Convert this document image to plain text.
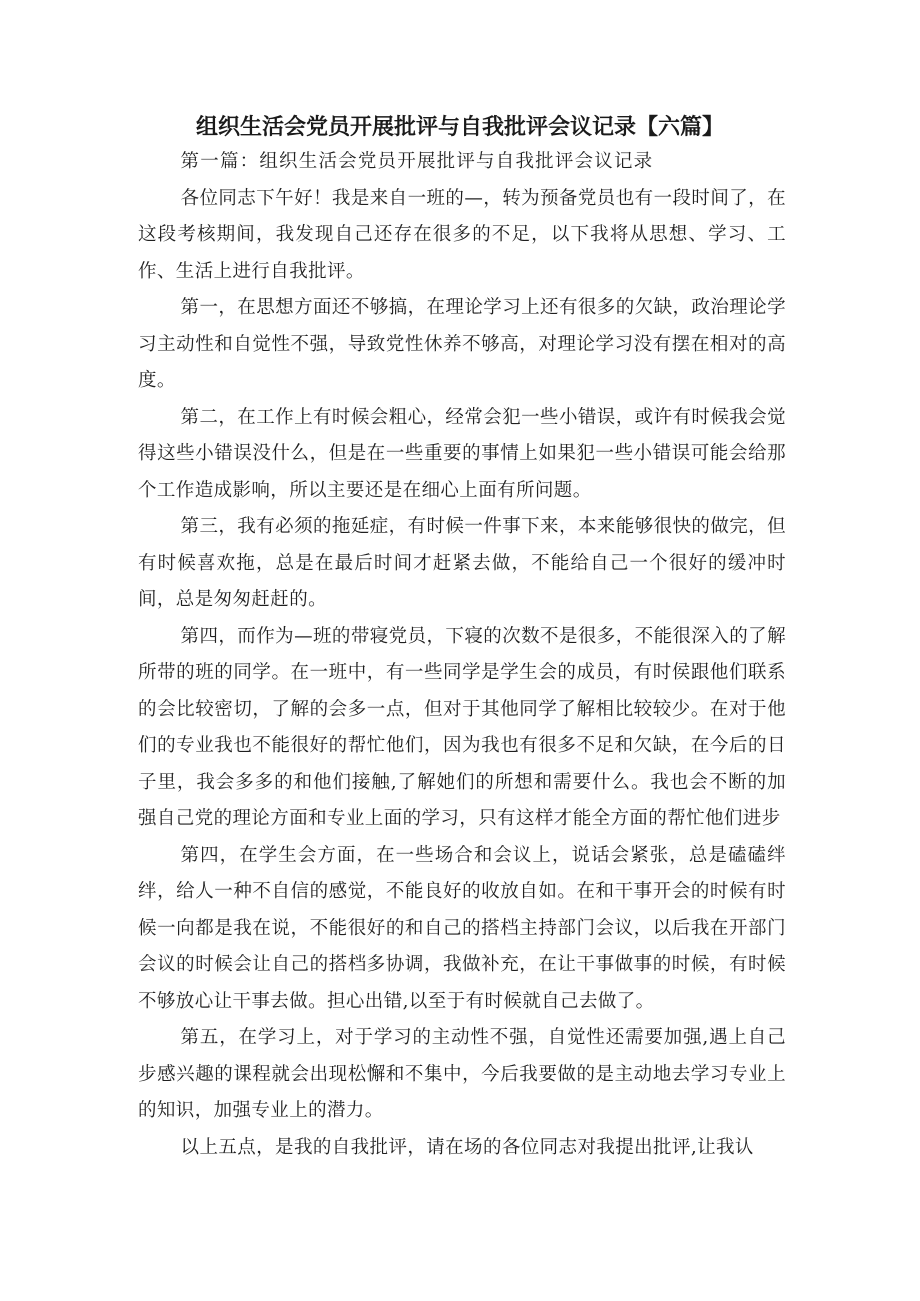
组织生活会党员开展批评与自我批评会议记录【六篇】

第一篇：组织生活会党员开展批评与自我批评会议记录

各位同志下午好！我是来自一班的—，转为预备党员也有一段时间了，在这段考核期间，我发现自己还存在很多的不足，以下我将从思想、学习、工作、生活上进行自我批评。

第一，在思想方面还不够搞，在理论学习上还有很多的欠缺，政治理论学习主动性和自觉性不强，导致党性休养不够高，对理论学习没有摆在相对的高度。

第二，在工作上有时候会粗心，经常会犯一些小错误，或许有时候我会觉得这些小错误没什么，但是在一些重要的事情上如果犯一些小错误可能会给那个工作造成影响，所以主要还是在细心上面有所问题。

第三，我有必须的拖延症，有时候一件事下来，本来能够很快的做完，但有时候喜欢拖，总是在最后时间才赶紧去做，不能给自己一个很好的缓冲时间，总是匆匆赶赶的。

第四，而作为—班的带寝党员，下寝的次数不是很多，不能很深入的了解所带的班的同学。在一班中，有一些同学是学生会的成员，有时侯跟他们联系的会比较密切，了解的会多一点，但对于其他同学了解相比较较少。在对于他们的专业我也不能很好的帮忙他们，因为我也有很多不足和欠缺，在今后的日子里，我会多多的和他们接触,了解她们的所想和需要什么。我也会不断的加强自己党的理论方面和专业上面的学习，只有这样才能全方面的帮忙他们进步

第四，在学生会方面，在一些场合和会议上，说话会紧张，总是磕磕绊绊，给人一种不自信的感觉，不能良好的收放自如。在和干事开会的时候有时候一向都是我在说，不能很好的和自己的搭档主持部门会议，以后我在开部门会议的时候会让自己的搭档多协调，我做补充，在让干事做事的时候，有时候不够放心让干事去做。担心出错,以至于有时候就自己去做了。

第五，在学习上，对于学习的主动性不强，自觉性还需要加强,遇上自己步感兴趣的课程就会出现松懈和不集中，今后我要做的是主动地去学习专业上的知识，加强专业上的潜力。

以上五点，是我的自我批评，请在场的各位同志对我提出批评,让我认
